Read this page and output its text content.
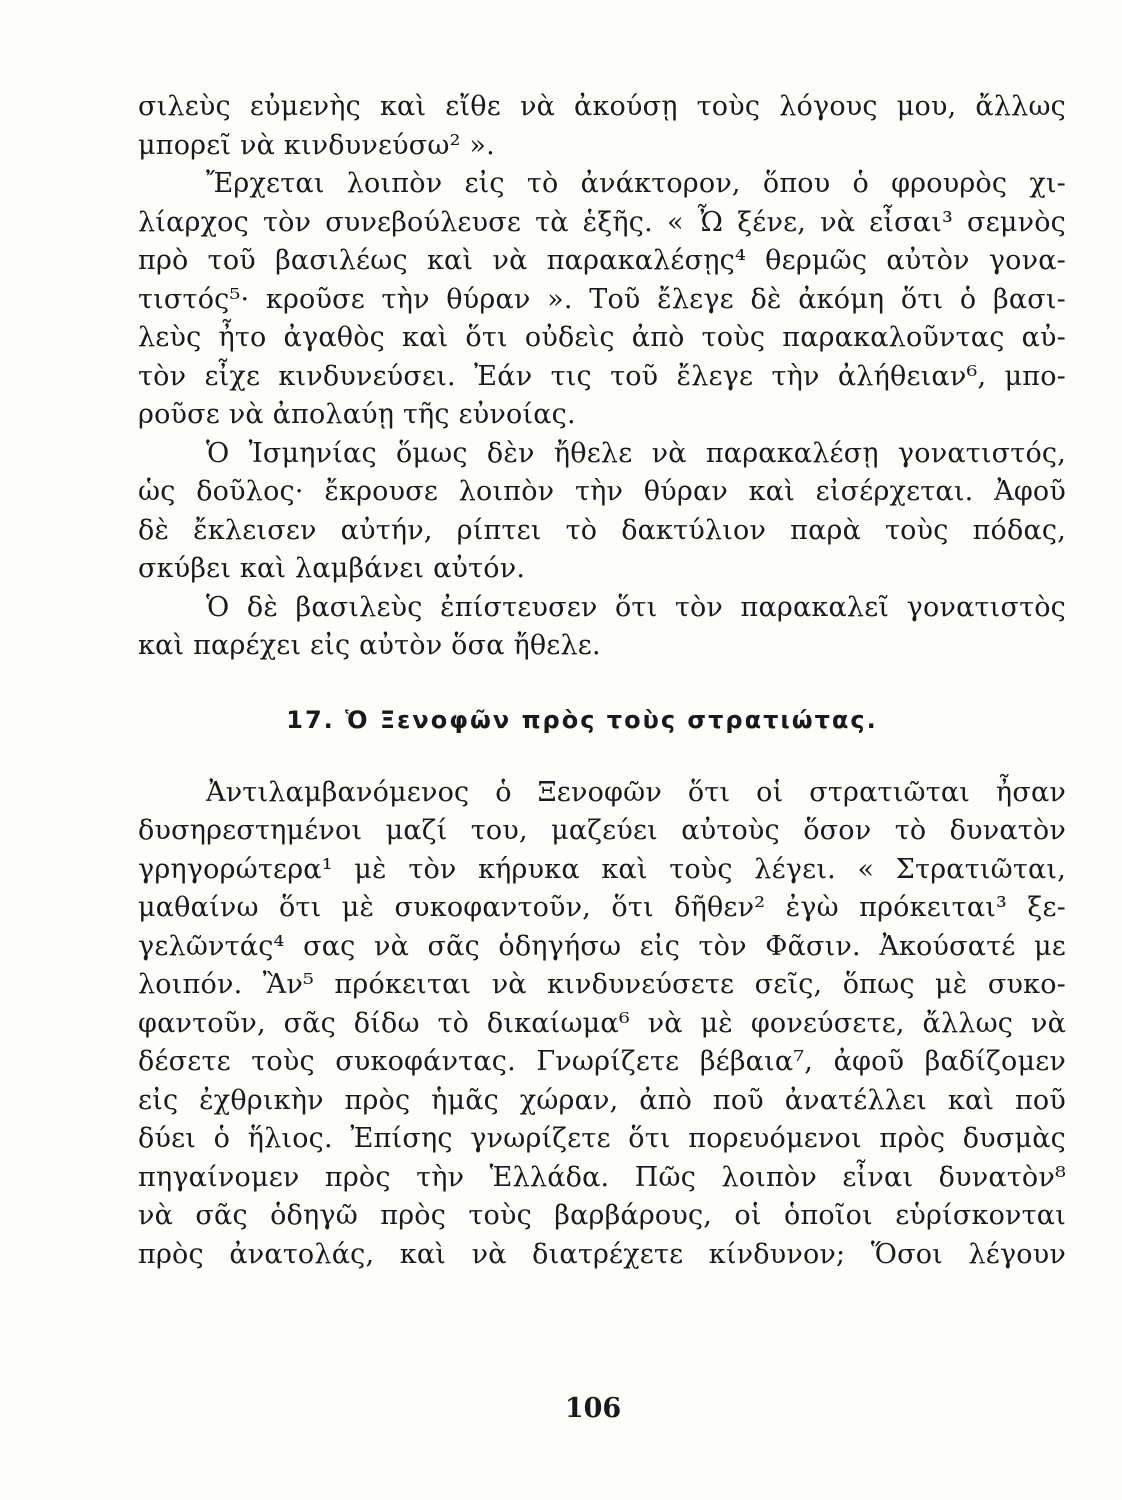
σιλεὺς εὐμενὴς καὶ εἴθε νὰ ἀκούσῃ τοὺς λόγους μου, ἄλλως
μπορεῖ νὰ κινδυνεύσω² ».
Ἔρχεται λοιπὸν εἰς τὸ ἀνάκτορον, ὅπου ὁ φρουρὸς χι-
λίαρχος τὸν συνεβούλευσε τὰ ἑξῆς. « Ὦ ξένε, νὰ εἶσαι³ σεμνὸς
πρὸ τοῦ βασιλέως καὶ νὰ παρακαλέσῃς⁴ θερμῶς αὐτὸν γονα-
τιστός⁵· κροῦσε τὴν θύραν ». Τοῦ ἔλεγε δὲ ἀκόμη ὅτι ὁ βασι-
λεὺς ἦτο ἀγαθὸς καὶ ὅτι οὐδεὶς ἀπὸ τοὺς παρακαλοῦντας αὐ-
τὸν εἶχε κινδυνεύσει. Ἐάν τις τοῦ ἔλεγε τὴν ἀλήθειαν⁶, μπο-
ροῦσε νὰ ἀπολαύῃ τῆς εὐνοίας.
Ὁ Ἰσμηνίας ὅμως δὲν ἤθελε νὰ παρακαλέσῃ γονατιστός,
ὡς δοῦλος· ἔκρουσε λοιπὸν τὴν θύραν καὶ εἰσέρχεται. Ἀφοῦ
δὲ ἔκλεισεν αὐτήν, ρίπτει τὸ δακτύλιον παρὰ τοὺς πόδας,
σκύβει καὶ λαμβάνει αὐτόν.
Ὁ δὲ βασιλεὺς ἐπίστευσεν ὅτι τὸν παρακαλεῖ γονατιστὸς
καὶ παρέχει εἰς αὐτὸν ὅσα ἤθελε.
17. Ὁ Ξενοφῶν πρὸς τοὺς στρατιώτας.
Ἀντιλαμβανόμενος ὁ Ξενοφῶν ὅτι οἱ στρατιῶται ἦσαν
δυσηρεστημένοι μαζί του, μαζεύει αὐτοὺς ὅσον τὸ δυνατὸν
γρηγορώτερα¹ μὲ τὸν κήρυκα καὶ τοὺς λέγει. « Στρατιῶται,
μαθαίνω ὅτι μὲ συκοφαντοῦν, ὅτι δῆθεν² ἐγὼ πρόκειται³ ξε-
γελῶντάς⁴ σας νὰ σᾶς ὁδηγήσω εἰς τὸν Φᾶσιν. Ἀκούσατέ με
λοιπόν. Ἂν⁵ πρόκειται νὰ κινδυνεύσετε σεῖς, ὅπως μὲ συκο-
φαντοῦν, σᾶς δίδω τὸ δικαίωμα⁶ νὰ μὲ φονεύσετε, ἄλλως νὰ
δέσετε τοὺς συκοφάντας. Γνωρίζετε βέβαια⁷, ἀφοῦ βαδίζομεν
εἰς ἐχθρικὴν πρὸς ἡμᾶς χώραν, ἀπὸ ποῦ ἀνατέλλει καὶ ποῦ
δύει ὁ ἥλιος. Ἐπίσης γνωρίζετε ὅτι πορευόμενοι πρὸς δυσμὰς
πηγαίνομεν πρὸς τὴν Ἑλλάδα. Πῶς λοιπὸν εἶναι δυνατὸν⁸
νὰ σᾶς ὁδηγῶ πρὸς τοὺς βαρβάρους, οἱ ὁποῖοι εὑρίσκονται
πρὸς ἀνατολάς, καὶ νὰ διατρέχετε κίνδυνον; Ὅσοι λέγουν
106
